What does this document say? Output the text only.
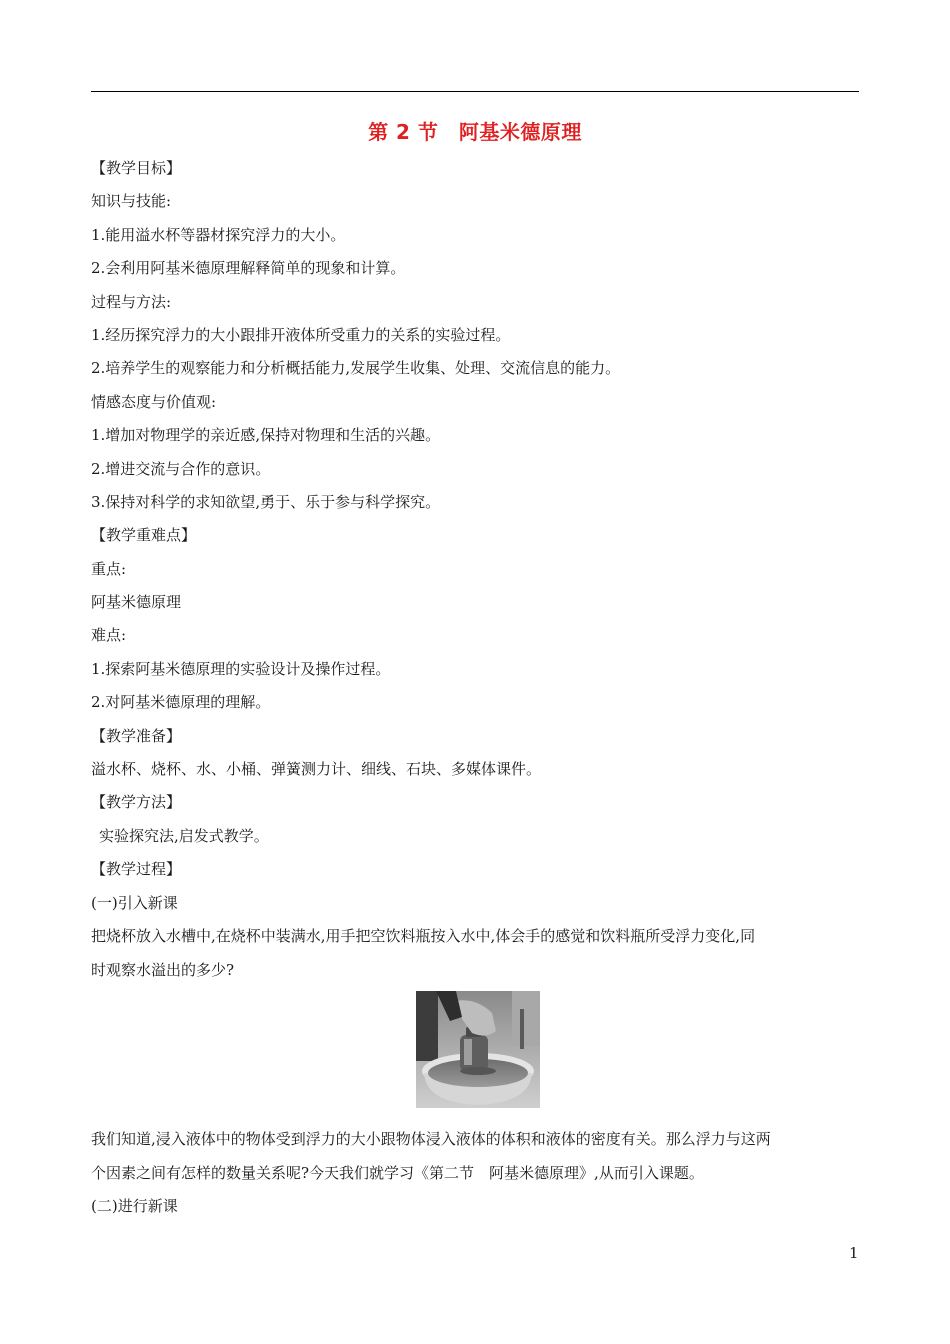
第 2 节　阿基米德原理
【教学目标】
知识与技能:
1.能用溢水杯等器材探究浮力的大小。
2.会利用阿基米德原理解释简单的现象和计算。
过程与方法:
1.经历探究浮力的大小跟排开液体所受重力的关系的实验过程。
2.培养学生的观察能力和分析概括能力,发展学生收集、处理、交流信息的能力。
情感态度与价值观:
1.增加对物理学的亲近感,保持对物理和生活的兴趣。
2.增进交流与合作的意识。
3.保持对科学的求知欲望,勇于、乐于参与科学探究。
【教学重难点】
重点:
阿基米德原理
难点:
1.探索阿基米德原理的实验设计及操作过程。
2.对阿基米德原理的理解。
【教学准备】
溢水杯、烧杯、水、小桶、弹簧测力计、细线、石块、多媒体课件。
【教学方法】
实验探究法,启发式教学。
【教学过程】
(一)引入新课
把烧杯放入水槽中,在烧杯中装满水,用手把空饮料瓶按入水中,体会手的感觉和饮料瓶所受浮力变化,同
时观察水溢出的多少?
我们知道,浸入液体中的物体受到浮力的大小跟物体浸入液体的体积和液体的密度有关。那么浮力与这两
个因素之间有怎样的数量关系呢?今天我们就学习《第二节　阿基米德原理》,从而引入课题。
(二)进行新课
1
